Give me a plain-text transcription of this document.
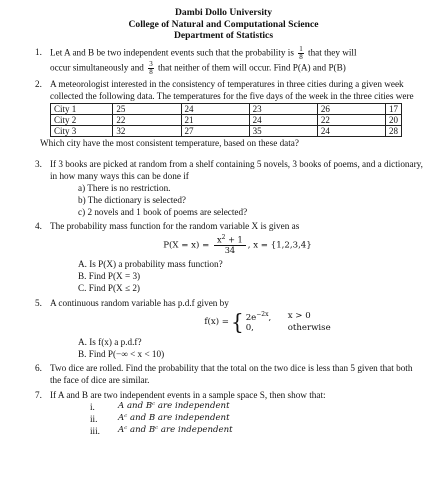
Dambi Dollo University
College of Natural and Computational Science
Department of Statistics
1. Let A and B be two independent events such that the probability is $\frac{1}{8}$ that they will
occur simultaneously and $\frac{3}{8}$ that neither of them will occur. Find P(A) and P(B)
2. A meteorologist interested in the consistency of temperatures in three cities during a given week collected the following data. The temperatures for the five days of the week in the three cities were
City 1	25	24	23	26	17
City 2	22	21	24	22	20
City 3	32	27	35	24	28
Which city have the most consistent temperature, based on these data?
3. If 3 books are picked at random from a shelf containing 5 novels, 3 books of poems, and a dictionary, in how many ways this can be done if
a) There is no restriction.
b) The dictionary is selected?
c) 2 novels and 1 book of poems are selected?
4. The probability mass function for the random variable X is given as
$P(X = x) = \frac{x^2 + 1}{34}$ , x = {1,2,3,4}
A. Is P(X) a probability mass function?
B. Find P(X = 3)
C. Find P(X ≤ 2)
5. A continuous random variable has p.d.f given by
f(x) = { $2e^{-2x}$,	x > 0
0,	otherwise
A. Is f(x) a p.d.f?
B. Find P(−∞ < x < 10)
6. Two dice are rolled. Find the probability that the total on the two dice is less than 5 given that both the face of dice are similar.
7. If A and B are two independent events in a sample space S, then show that:
i.	A and Bᶜ are independent
ii.	Aᶜ and B are independent
iii.	Aᶜ and Bᶜ are independent
